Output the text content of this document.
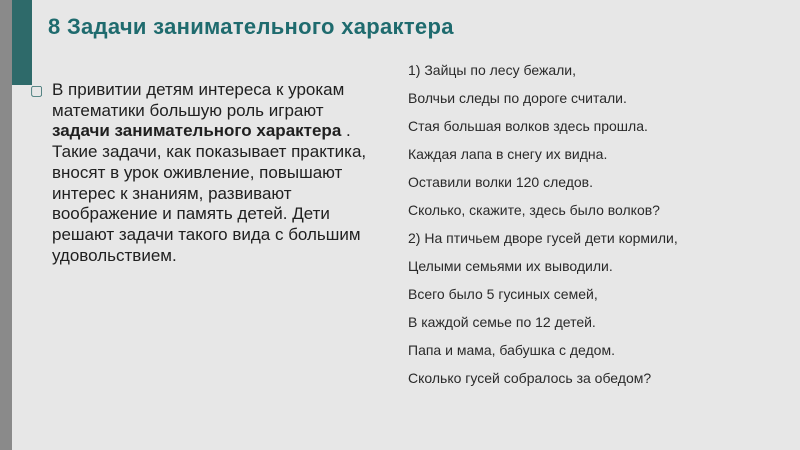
8 Задачи занимательного характера
▢ В привитии детям интереса к урокам математики большую роль играют задачи занимательного характера . Такие задачи, как показывает практика, вносят в урок оживление, повышают интерес к знаниям, развивают воображение и память детей. Дети решают задачи такого вида с большим удовольствием.
1) Зайцы по лесу бежали,
Волчьи следы по дороге считали.
Стая большая волков здесь прошла.
Каждая лапа в снегу их видна.
Оставили волки 120 следов.
Сколько, скажите, здесь было волков?
2) На птичьем дворе гусей дети кормили,
Целыми семьями их выводили.
Всего было 5 гусиных семей,
В каждой семье по 12 детей.
Папа и мама, бабушка с дедом.
Сколько гусей собралось за обедом?
